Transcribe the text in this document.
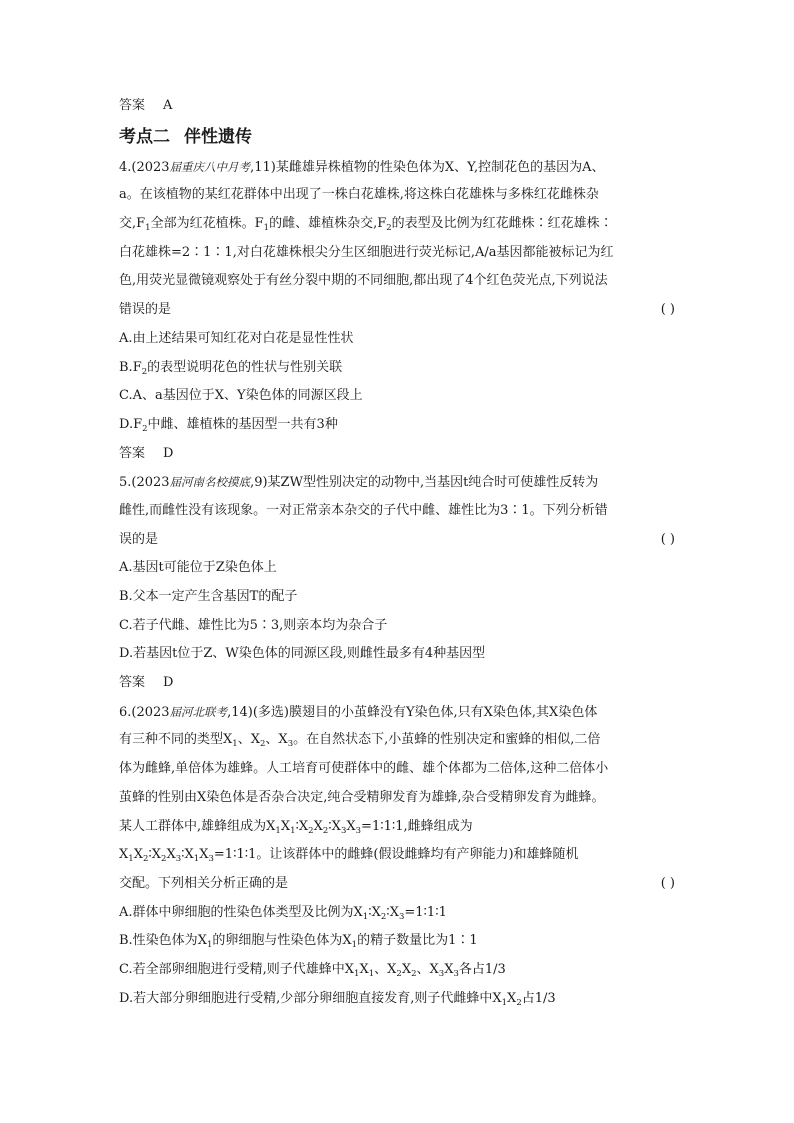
答案 A
考点二 伴性遗传
4.(2023届重庆八中月考,11)某雌雄异株植物的性染色体为X、Y,控制花色的基因为A、
a。在该植物的某红花群体中出现了一株白花雄株,将这株白花雄株与多株红花雌株杂
交$,F_1$全部为红花植株。$F_1$的雌、雄植株杂交$,F_2$的表型及比例为红花雌株∶红花雄株∶
白花雄株=2∶1∶1,对白花雄株根尖分生区细胞进行荧光标记,A/a基因都能被标记为红
色,用荧光显微镜观察处于有丝分裂中期的不同细胞,都出现了4个红色荧光点,下列说法
错误的是	( )
A.由上述结果可知红花对白花是显性性状
$B.F_2$的表型说明花色的性状与性别关联
C.A、a基因位于X、Y染色体的同源区段上
$D.F_2$中雌、雄植株的基因型一共有3种
答案 D
5.(2023届河南名校摸底,9)某ZW型性别决定的动物中,当基因t纯合时可使雄性反转为
雌性,而雌性没有该现象。一对正常亲本杂交的子代中雌、雄性比为3∶1。下列分析错
误的是	( )
A.基因t可能位于Z染色体上
B.父本一定产生含基因T的配子
C.若子代雌、雄性比为5∶3,则亲本均为杂合子
D.若基因t位于Z、W染色体的同源区段,则雌性最多有4种基因型
答案 D
6.(2023届河北联考,14)(多选)膜翅目的小茧蜂没有Y染色体,只有X染色体,其X染色体
有三种不同的类型$X_1$、$X_2$、$X_3$。在自然状态下,小茧蜂的性别决定和蜜蜂的相似,二倍
体为雌蜂,单倍体为雄蜂。人工培育可使群体中的雌、雄个体都为二倍体,这种二倍体小
茧蜂的性别由X染色体是否杂合决定,纯合受精卵发育为雄蜂,杂合受精卵发育为雌蜂。
某人工群体中,雄蜂组成为$X_1X_1∶X_2X_2∶X_3X_3=1∶1∶1$,雌蜂组成为
$X_1X_2∶X_2X_3∶X_1X_3=1∶1∶1$。让该群体中的雌蜂(假设雌蜂均有产卵能力)和雄蜂随机
交配。下列相关分析正确的是	( )
A.群体中卵细胞的性染色体类型及比例为$X_1∶X_2∶X_3=1∶1∶1$
B.性染色体为$X_1$的卵细胞与性染色体为$X_1$的精子数量比为1∶1
C.若全部卵细胞进行受精,则子代雄蜂中$X_1X_1$、$X_2X_2$、$X_3X_3$各占1/3
D.若大部分卵细胞进行受精,少部分卵细胞直接发育,则子代雌蜂中$X_1X_2$占1/3
